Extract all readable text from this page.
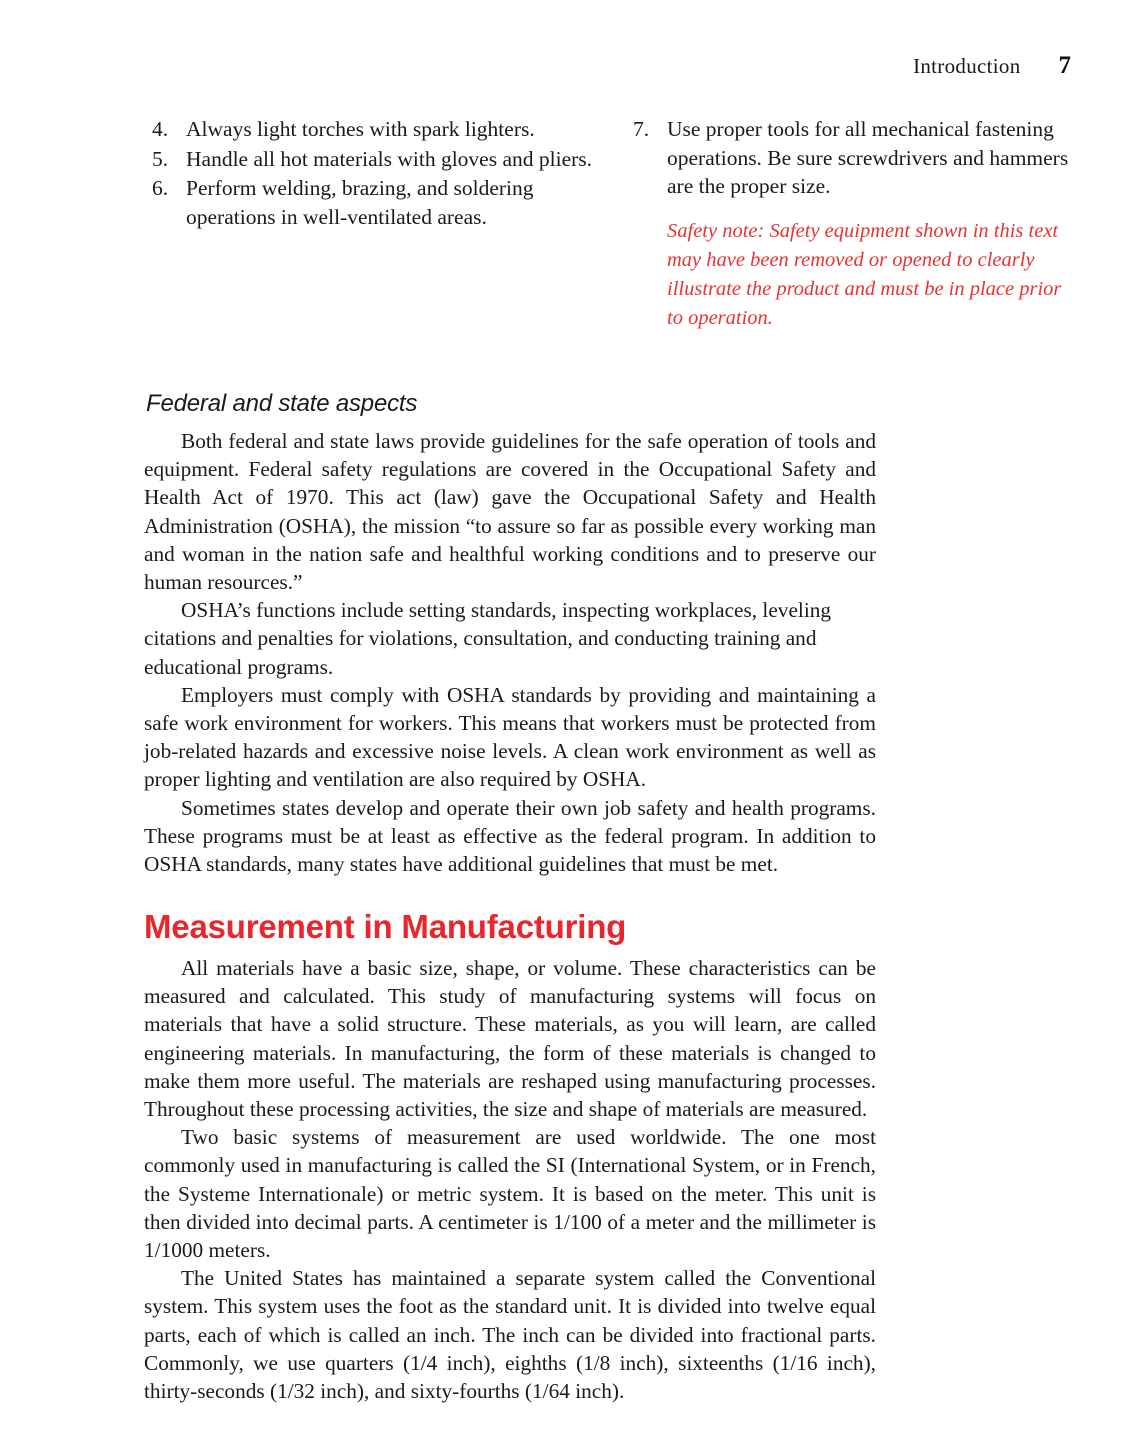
Introduction 7
4. Always light torches with spark lighters.
5. Handle all hot materials with gloves and pliers.
6. Perform welding, brazing, and soldering operations in well-ventilated areas.
7. Use proper tools for all mechanical fastening operations. Be sure screwdrivers and hammers are the proper size.
Safety note: Safety equipment shown in this text may have been removed or opened to clearly illustrate the product and must be in place prior to operation.
Federal and state aspects

Both federal and state laws provide guidelines for the safe operation of tools and equipment. Federal safety regulations are covered in the Occupational Safety and Health Act of 1970. This act (law) gave the Occupational Safety and Health Administration (OSHA), the mission “to assure so far as possible every working man and woman in the nation safe and healthful working conditions and to preserve our human resources.”

OSHA’s functions include setting standards, inspecting workplaces, leveling citations and penalties for violations, consultation, and conducting training and educational programs.

Employers must comply with OSHA standards by providing and maintaining a safe work environment for workers. This means that workers must be protected from job-related hazards and excessive noise levels. A clean work environment as well as proper lighting and ventilation are also required by OSHA.

Sometimes states develop and operate their own job safety and health programs. These programs must be at least as effective as the federal program. In addition to OSHA standards, many states have additional guidelines that must be met.

Measurement in Manufacturing

All materials have a basic size, shape, or volume. These characteristics can be measured and calculated. This study of manufacturing systems will focus on materials that have a solid structure. These materials, as you will learn, are called engineering materials. In manufacturing, the form of these materials is changed to make them more useful. The materials are reshaped using manufacturing processes. Throughout these processing activities, the size and shape of materials are measured.

Two basic systems of measurement are used worldwide. The one most commonly used in manufacturing is called the SI (International System, or in French, the Systeme Internationale) or metric system. It is based on the meter. This unit is then divided into decimal parts. A centimeter is 1/100 of a meter and the millimeter is 1/1000 meters.

The United States has maintained a separate system called the Conventional system. This system uses the foot as the standard unit. It is divided into twelve equal parts, each of which is called an inch. The inch can be divided into fractional parts. Commonly, we use quarters (1/4 inch), eighths (1/8 inch), sixteenths (1/16 inch), thirty-seconds (1/32 inch), and sixty-fourths (1/64 inch).
